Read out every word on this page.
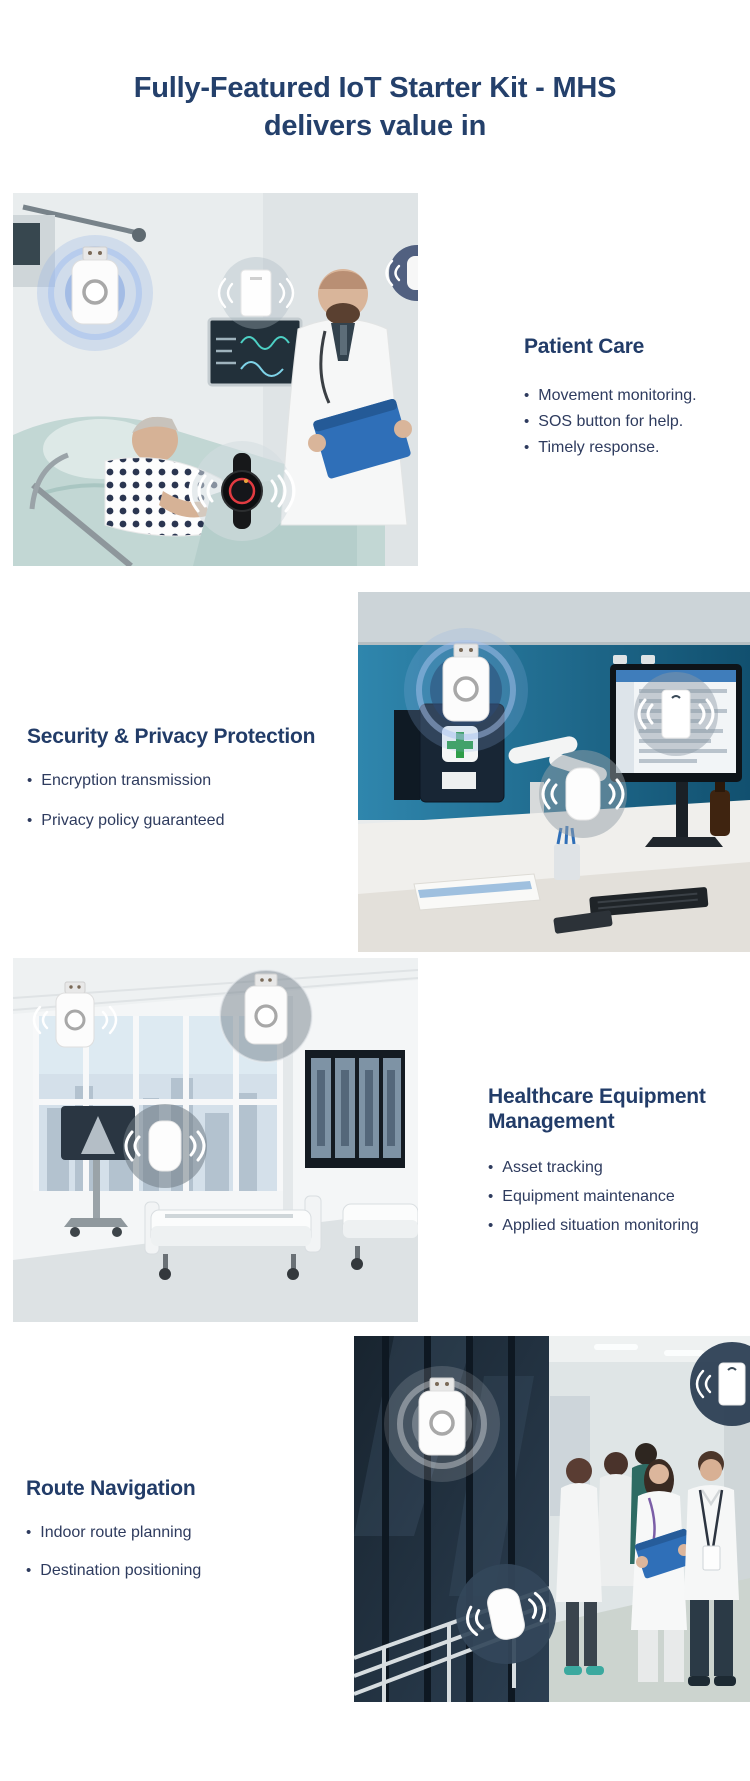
Fully-Featured IoT Starter Kit - MHS
delivers value in
Patient Care
• Movement monitoring.
• SOS button for help.
• Timely response.
Security & Privacy Protection
• Encryption transmission
• Privacy policy guaranteed
Healthcare Equipment Management
• Asset tracking
• Equipment maintenance
• Applied situation monitoring
Route Navigation
• Indoor route planning
• Destination positioning
